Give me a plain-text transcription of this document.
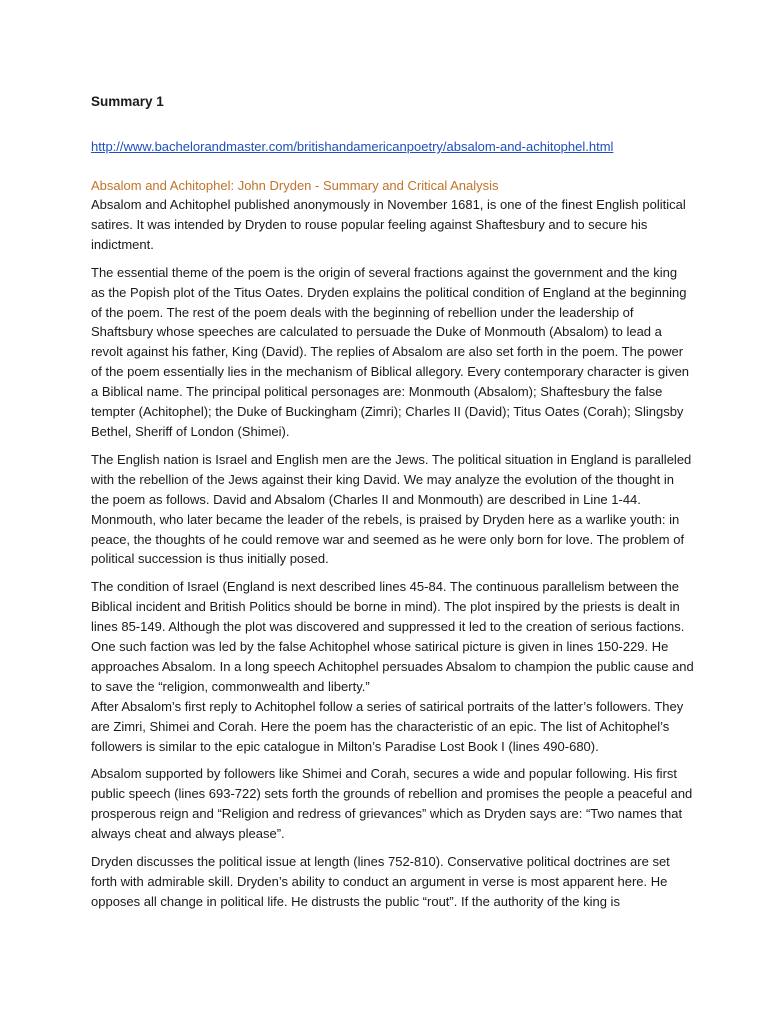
Summary 1
http://www.bachelorandmaster.com/britishandamericanpoetry/absalom-and-achitophel.html
Absalom and Achitophel: John Dryden - Summary and Critical Analysis

Absalom and Achitophel published anonymously in November 1681, is one of the finest English political satires. It was intended by Dryden to rouse popular feeling against Shaftesbury and to secure his indictment.

The essential theme of the poem is the origin of several fractions against the government and the king as the Popish plot of the Titus Oates. Dryden explains the political condition of England at the beginning of the poem. The rest of the poem deals with the beginning of rebellion under the leadership of Shaftsbury whose speeches are calculated to persuade the Duke of Monmouth (Absalom) to lead a revolt against his father, King (David). The replies of Absalom are also set forth in the poem. The power of the poem essentially lies in the mechanism of Biblical allegory. Every contemporary character is given a Biblical name. The principal political personages are: Monmouth (Absalom); Shaftesbury the false tempter (Achitophel); the Duke of Buckingham (Zimri); Charles II (David); Titus Oates (Corah); Slingsby Bethel, Sheriff of London (Shimei).

The English nation is Israel and English men are the Jews. The political situation in England is paralleled with the rebellion of the Jews against their king David. We may analyze the evolution of the thought in the poem as follows. David and Absalom (Charles II and Monmouth) are described in Line 1-44. Monmouth, who later became the leader of the rebels, is praised by Dryden here as a warlike youth: in peace, the thoughts of he could remove war and seemed as he were only born for love. The problem of political succession is thus initially posed.

The condition of Israel (England is next described lines 45-84. The continuous parallelism between the Biblical incident and British Politics should be borne in mind). The plot inspired by the priests is dealt in lines 85-149. Although the plot was discovered and suppressed it led to the creation of serious factions. One such faction was led by the false Achitophel whose satirical picture is given in lines 150-229. He approaches Absalom. In a long speech Achitophel persuades Absalom to champion the public cause and to save the “religion, commonwealth and liberty.”

After Absalom’s first reply to Achitophel follow a series of satirical portraits of the latter’s followers. They are Zimri, Shimei and Corah. Here the poem has the characteristic of an epic. The list of Achitophel’s followers is similar to the epic catalogue in Milton’s Paradise Lost Book I (lines 490-680).

Absalom supported by followers like Shimei and Corah, secures a wide and popular following. His first public speech (lines 693-722) sets forth the grounds of rebellion and promises the people a peaceful and prosperous reign and “Religion and redress of grievances” which as Dryden says are: “Two names that always cheat and always please”.

Dryden discusses the political issue at length (lines 752-810). Conservative political doctrines are set forth with admirable skill. Dryden’s ability to conduct an argument in verse is most apparent here. He opposes all change in political life. He distrusts the public “rout”. If the authority of the king is
